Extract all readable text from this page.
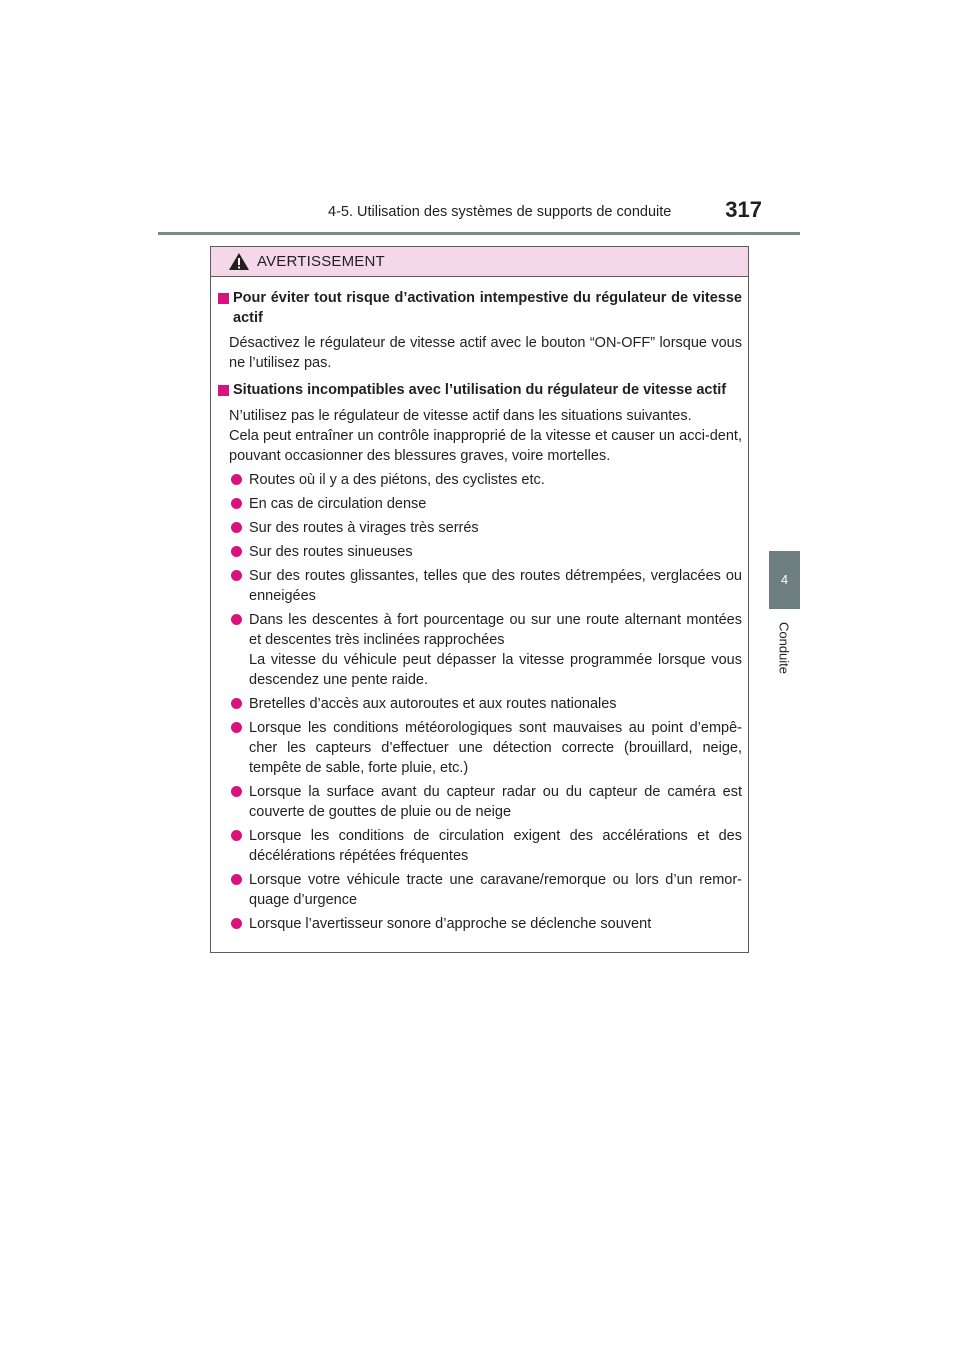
4-5. Utilisation des systèmes de supports de conduite	317
4
Conduite
AVERTISSEMENT
Pour éviter tout risque d’activation intempestive du régulateur de vitesse actif
Désactivez le régulateur de vitesse actif avec le bouton “ON-OFF” lorsque vous ne l’utilisez pas.
Situations incompatibles avec l’utilisation du régulateur de vitesse actif
N’utilisez pas le régulateur de vitesse actif dans les situations suivantes.
Cela peut entraîner un contrôle inapproprié de la vitesse et causer un acci-dent, pouvant occasionner des blessures graves, voire mortelles.
Routes où il y a des piétons, des cyclistes etc.
En cas de circulation dense
Sur des routes à virages très serrés
Sur des routes sinueuses
Sur des routes glissantes, telles que des routes détrempées, verglacées ou enneigées
Dans les descentes à fort pourcentage ou sur une route alternant montées et descentes très inclinées rapprochées
La vitesse du véhicule peut dépasser la vitesse programmée lorsque vous descendez une pente raide.
Bretelles d’accès aux autoroutes et aux routes nationales
Lorsque les conditions météorologiques sont mauvaises au point d’empê-cher les capteurs d’effectuer une détection correcte (brouillard, neige, tempête de sable, forte pluie, etc.)
Lorsque la surface avant du capteur radar ou du capteur de caméra est couverte de gouttes de pluie ou de neige
Lorsque les conditions de circulation exigent des accélérations et des décélérations répétées fréquentes
Lorsque votre véhicule tracte une caravane/remorque ou lors d’un remor-quage d’urgence
Lorsque l’avertisseur sonore d’approche se déclenche souvent
